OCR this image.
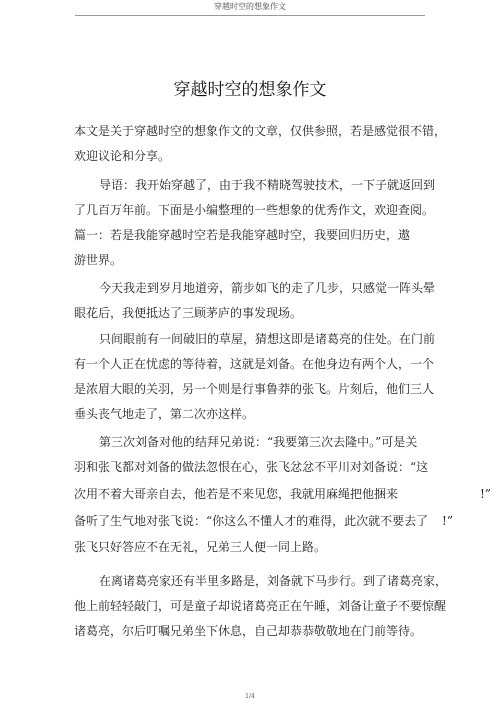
穿越时空的想象作文
穿越时空的想象作文
本文是关于穿越时空的想象作文的文章，仅供参照，若是感觉很不错，
欢迎议论和分享。
导语：我开始穿越了，由于我不精晓驾驶技术，一下子就返回到
了几百万年前。下面是小编整理的一些想象的优秀作文，欢迎查阅。
篇一：若是我能穿越时空若是我能穿越时空，我要回归历史，遨
游世界。
今天我走到岁月地道旁，箭步如飞的走了几步，只感觉一阵头晕
眼花后，我便抵达了三顾茅庐的事发现场。
只间眼前有一间破旧的草屋，猜想这即是诸葛亮的住处。在门前
有一个人正在忧虑的等待着，这就是刘备。在他身边有两个人，一个
是浓眉大眼的关羽，另一个则是行事鲁莽的张飞。片刻后，他们三人
垂头丧气地走了，第二次亦这样。
第三次刘备对他的结拜兄弟说：“我要第三次去隆中。”可是关
羽和张飞都对刘备的做法忽恨在心，张飞忿忿不平川对刘备说：“这
次用不着大哥亲自去，他若是不来见您，我就用麻绳把他捆来	!”
备听了生气地对张飞说：“你这么不懂人才的难得，此次就不要去了 !”
张飞只好答应不在无礼，兄弟三人便一同上路。
在离诸葛亮家还有半里多路是，刘备就下马步行。到了诸葛亮家，
他上前轻轻敲门，可是童子却说诸葛亮正在午睡，刘备让童子不要惊醒
诸葛亮，尔后叮嘱兄弟坐下休息，自己却恭恭敬敬地在门前等待。
1/4
